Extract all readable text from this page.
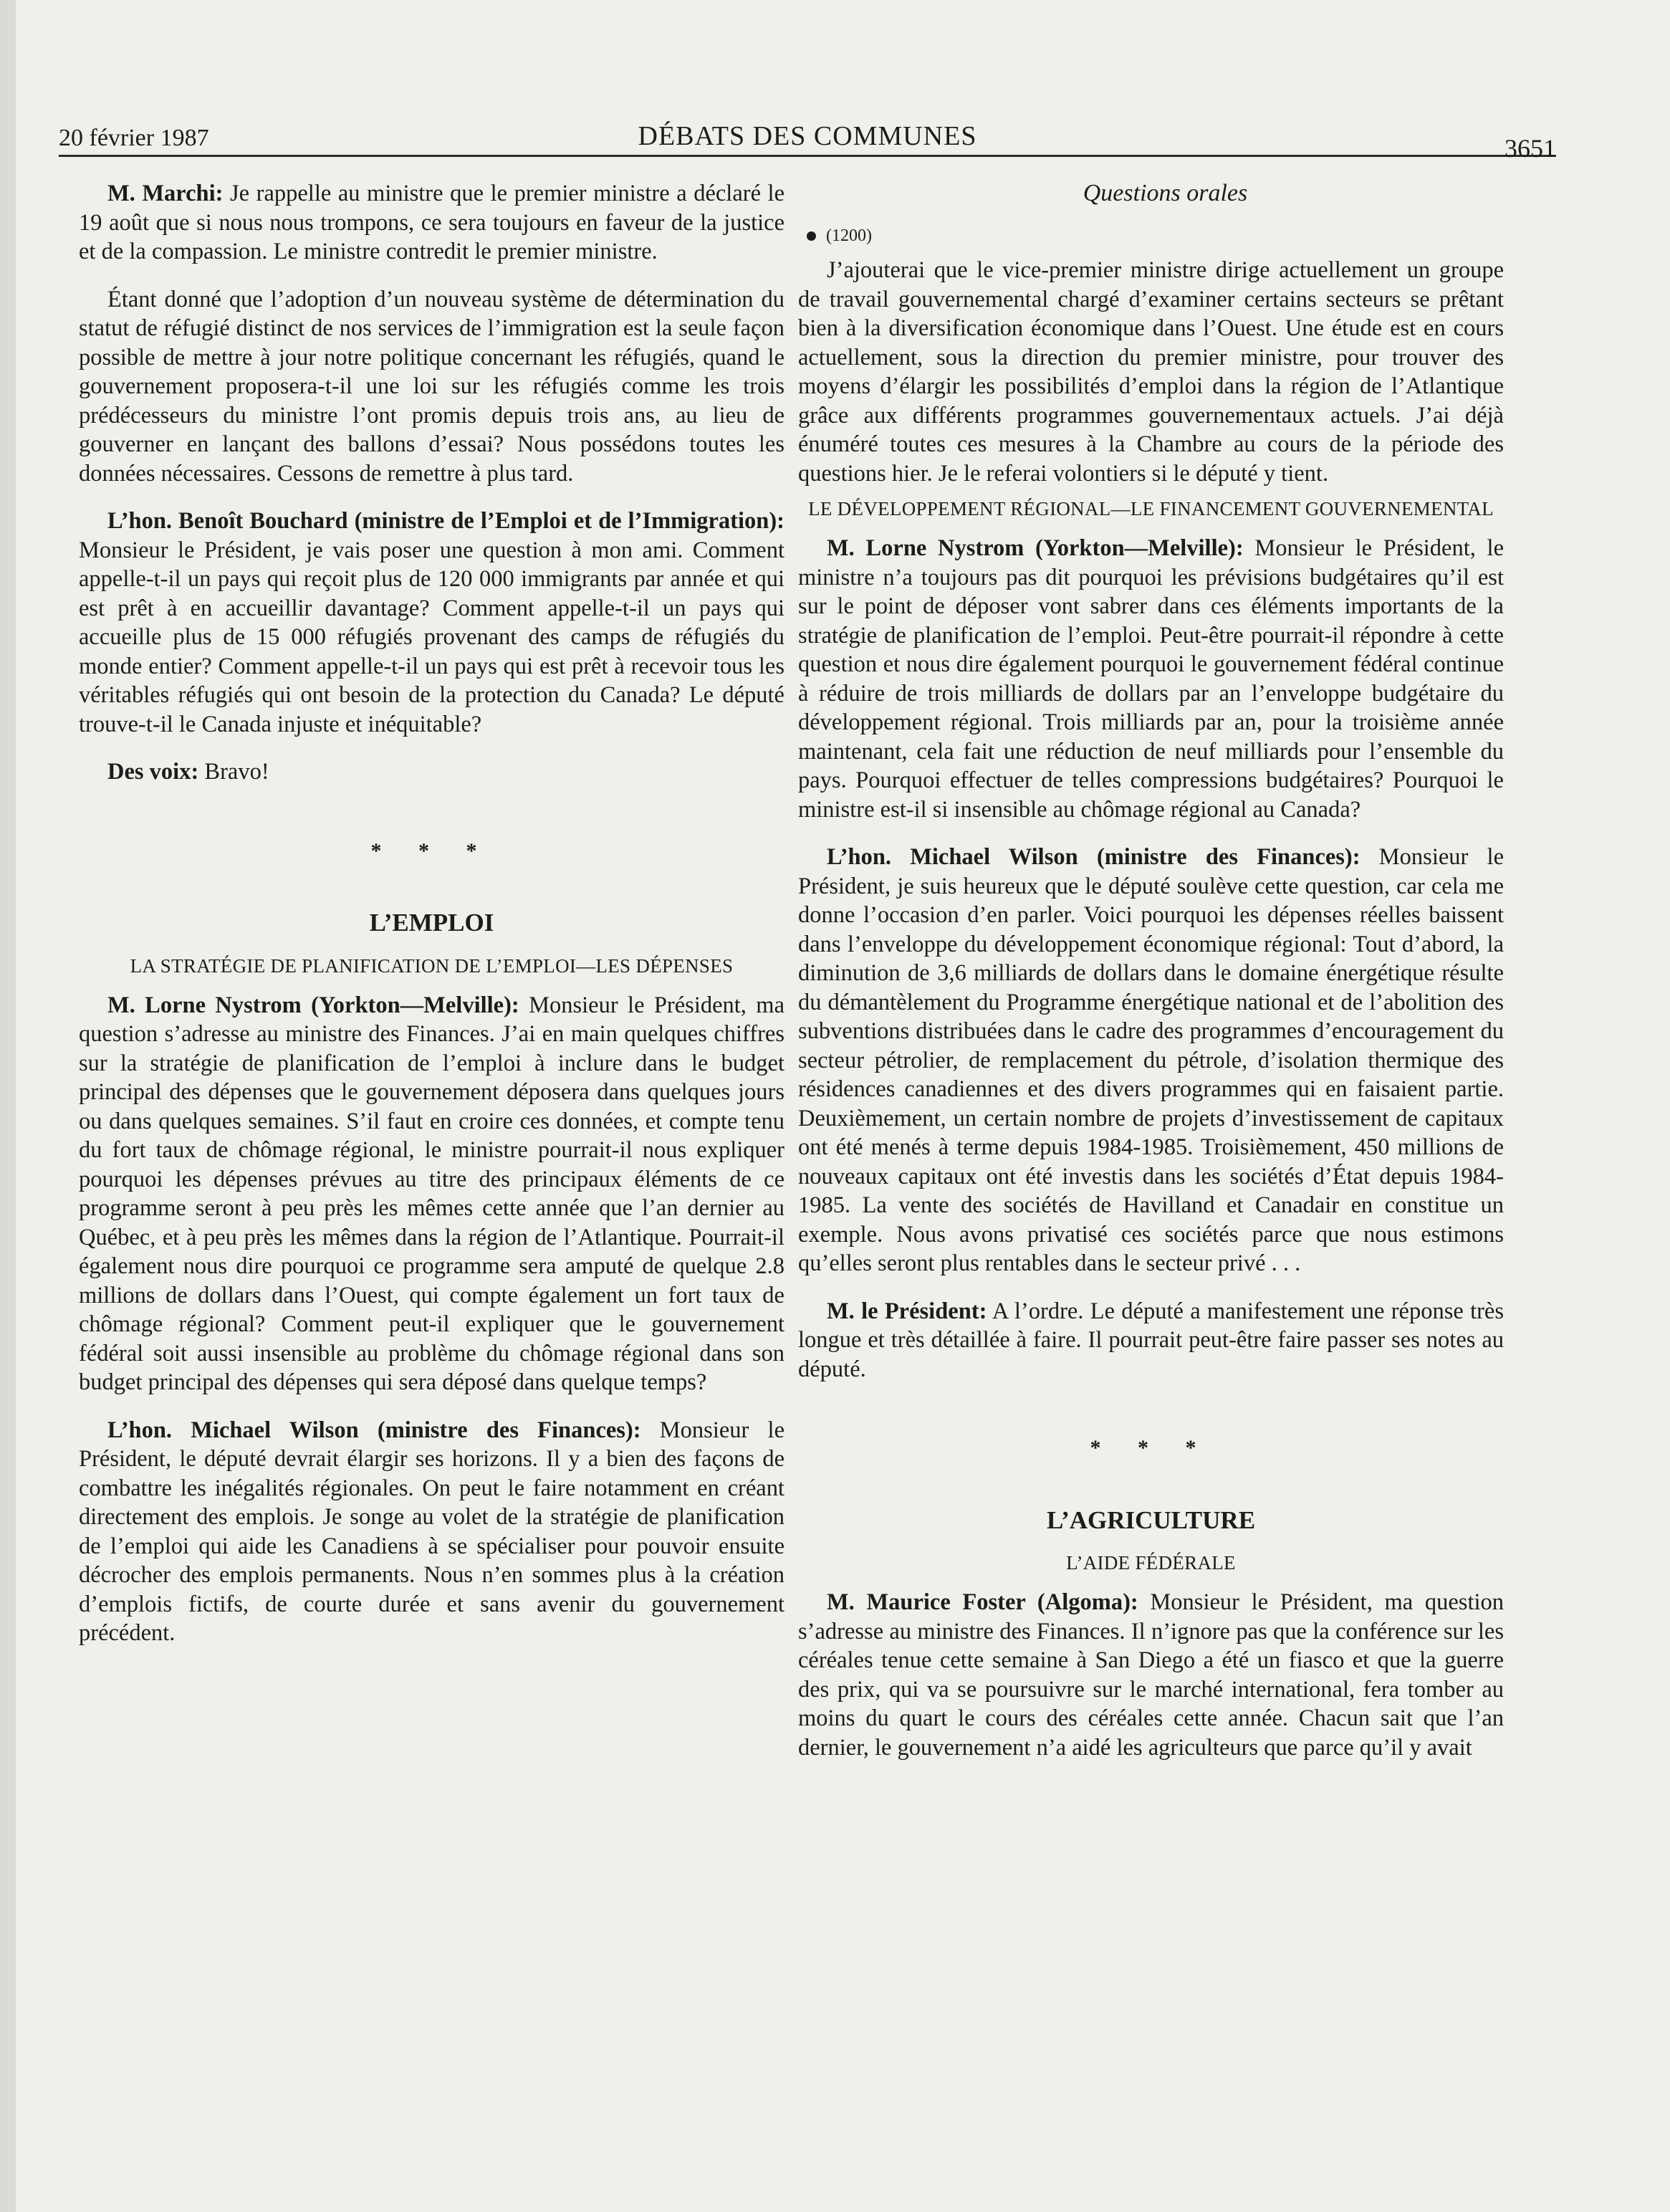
20 février 1987	DÉBATS DES COMMUNES	3651

M. Marchi: Je rappelle au ministre que le premier ministre a déclaré le 19 août que si nous nous trompons, ce sera toujours en faveur de la justice et de la compassion. Le ministre contredit le premier ministre.

Étant donné que l’adoption d’un nouveau système de détermination du statut de réfugié distinct de nos services de l’immigration est la seule façon possible de mettre à jour notre politique concernant les réfugiés, quand le gouvernement proposera-t-il une loi sur les réfugiés comme les trois prédécesseurs du ministre l’ont promis depuis trois ans, au lieu de gouverner en lançant des ballons d’essai? Nous possédons toutes les données nécessaires. Cessons de remettre à plus tard.

L’hon. Benoît Bouchard (ministre de l’Emploi et de l’Immigration): Monsieur le Président, je vais poser une question à mon ami. Comment appelle-t-il un pays qui reçoit plus de 120 000 immigrants par année et qui est prêt à en accueillir davantage? Comment appelle-t-il un pays qui accueille plus de 15 000 réfugiés provenant des camps de réfugiés du monde entier? Comment appelle-t-il un pays qui est prêt à recevoir tous les véritables réfugiés qui ont besoin de la protection du Canada? Le député trouve-t-il le Canada injuste et inéquitable?

Des voix: Bravo!

* * *

L’EMPLOI

LA STRATÉGIE DE PLANIFICATION DE L’EMPLOI—LES DÉPENSES

M. Lorne Nystrom (Yorkton—Melville): Monsieur le Président, ma question s’adresse au ministre des Finances. J’ai en main quelques chiffres sur la stratégie de planification de l’emploi à inclure dans le budget principal des dépenses que le gouvernement déposera dans quelques jours ou dans quelques semaines. S’il faut en croire ces données, et compte tenu du fort taux de chômage régional, le ministre pourrait-il nous expliquer pourquoi les dépenses prévues au titre des principaux éléments de ce programme seront à peu près les mêmes cette année que l’an dernier au Québec, et à peu près les mêmes dans la région de l’Atlantique. Pourrait-il également nous dire pourquoi ce programme sera amputé de quelque 2.8 millions de dollars dans l’Ouest, qui compte également un fort taux de chômage régional? Comment peut-il expliquer que le gouvernement fédéral soit aussi insensible au problème du chômage régional dans son budget principal des dépenses qui sera déposé dans quelque temps?

L’hon. Michael Wilson (ministre des Finances): Monsieur le Président, le député devrait élargir ses horizons. Il y a bien des façons de combattre les inégalités régionales. On peut le faire notamment en créant directement des emplois. Je songe au volet de la stratégie de planification de l’emploi qui aide les Canadiens à se spécialiser pour pouvoir ensuite décrocher des emplois permanents. Nous n’en sommes plus à la création d’emplois fictifs, de courte durée et sans avenir du gouvernement précédent.

Questions orales

$^{(1200)}$

J’ajouterai que le vice-premier ministre dirige actuellement un groupe de travail gouvernemental chargé d’examiner certains secteurs se prêtant bien à la diversification économique dans l’Ouest. Une étude est en cours actuellement, sous la direction du premier ministre, pour trouver des moyens d’élargir les possibilités d’emploi dans la région de l’Atlantique grâce aux différents programmes gouvernementaux actuels. J’ai déjà énuméré toutes ces mesures à la Chambre au cours de la période des questions hier. Je le referai volontiers si le député y tient.

LE DÉVELOPPEMENT RÉGIONAL—LE FINANCEMENT GOUVERNEMENTAL

M. Lorne Nystrom (Yorkton—Melville): Monsieur le Président, le ministre n’a toujours pas dit pourquoi les prévisions budgétaires qu’il est sur le point de déposer vont sabrer dans ces éléments importants de la stratégie de planification de l’emploi. Peut-être pourrait-il répondre à cette question et nous dire également pourquoi le gouvernement fédéral continue à réduire de trois milliards de dollars par an l’enveloppe budgétaire du développement régional. Trois milliards par an, pour la troisième année maintenant, cela fait une réduction de neuf milliards pour l’ensemble du pays. Pourquoi effectuer de telles compressions budgétaires? Pourquoi le ministre est-il si insensible au chômage régional au Canada?

L’hon. Michael Wilson (ministre des Finances): Monsieur le Président, je suis heureux que le député soulève cette question, car cela me donne l’occasion d’en parler. Voici pourquoi les dépenses réelles baissent dans l’enveloppe du développement économique régional: Tout d’abord, la diminution de 3,6 milliards de dollars dans le domaine énergétique résulte du démantèlement du Programme énergétique national et de l’abolition des subventions distribuées dans le cadre des programmes d’encouragement du secteur pétrolier, de remplacement du pétrole, d’isolation thermique des résidences canadiennes et des divers programmes qui en faisaient partie. Deuxièmement, un certain nombre de projets d’investissement de capitaux ont été menés à terme depuis 1984-1985. Troisièmement, 450 millions de nouveaux capitaux ont été investis dans les sociétés d’État depuis 1984-1985. La vente des sociétés de Havilland et Canadair en constitue un exemple. Nous avons privatisé ces sociétés parce que nous estimons qu’elles seront plus rentables dans le secteur privé . . .

M. le Président: A l’ordre. Le député a manifestement une réponse très longue et très détaillée à faire. Il pourrait peut-être faire passer ses notes au député.

* * *

L’AGRICULTURE

L’AIDE FÉDÉRALE

M. Maurice Foster (Algoma): Monsieur le Président, ma question s’adresse au ministre des Finances. Il n’ignore pas que la conférence sur les céréales tenue cette semaine à San Diego a été un fiasco et que la guerre des prix, qui va se poursuivre sur le marché international, fera tomber au moins du quart le cours des céréales cette année. Chacun sait que l’an dernier, le gouvernement n’a aidé les agriculteurs que parce qu’il y avait
